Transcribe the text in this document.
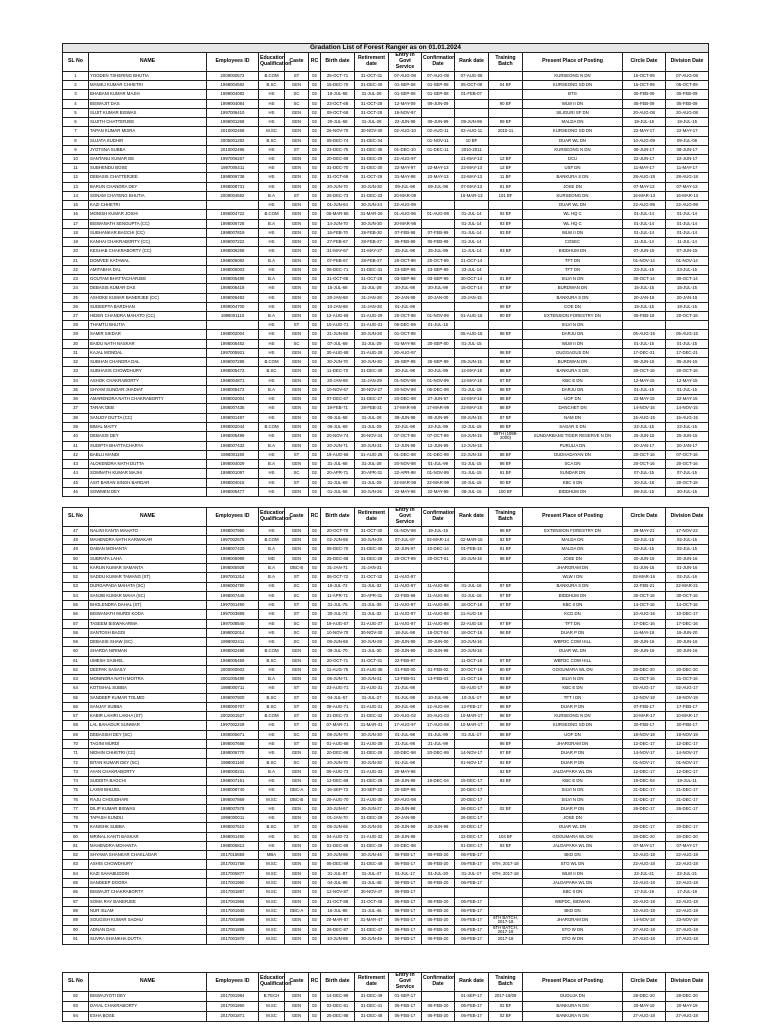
Gradation List of Forest Ranger as on 01.01.2024														
SL No	NAME	Employees ID	Education Qualification	Caste	RC	Birth date	Retirement date	Entry in Govt Service	Confirmation Date	Rank date	Training Batch	Present Place of Posting	Circle Date	Division Date
1	YOGDEN TSHERING BHUTIA	2009000572	B.COM	ST	02	25-OCT-71	31-OCT-31	07-AUG-08	07-AUG-08	07-AUG-08		KURSEONG N DN	16-OCT-09	07-AUG-08
2	MANIKJ KUMAR CHHETRI	1998004592	B.SC	GEN	02	15-DEC-70	31-DEC-30	01-SEP-08	01-SEP-08	05-OCT-09	04 BF	KURSEONG SD DN	16-OCT-09	05-OCT-09
3	BHABANI KUMAR MAJHI	1999004082	HS	SC	02	19-JUL-68	31-JUL-28	01-SEP-08	01-SEP-08	01-FEB-07		BTG	05-FEB-09	05-FEB-09
4	BISWAJIT DAS	1999004084	HS	SC	02	23-OCT-68	31-OCT-28	12-MAY-09	09-JUN-09		90 BF	WLW II DN	05-FEB-09	05-FEB-09
5	SUJIT KUMAR BISWAS	1997006410	HS	GEN	02	09-OCT-68	31-OCT-28	19-NOV-97				SILIGURI SF DN	20-AUG-08	20-AUG-08
6	SUJITH CHATTERJEE	1998001268	HS	GEN	02	20-JUL-68	31-JUL-28	22-JUN-98	09-JUN-99	09-JUN-99	99 BF	MALDA DN	19-JUL-15	19-JUL-15
7	TAPAN KUMAR MISRA	2010002468	M.SC	GEN	02	26-NOV-70	30-NOV-30	02-AUG-10	02-AUG-11	02-AUG-11	2010-11	KURSEONG SD DN	22-MAY-17	22-MAY-17
8	SUJATA SUDHIR	2005001282	B.SC	GEN	02	09-DEC-74	31-DEC-34		01-NOV-11	10 BF		DUAR WL DN	10-AUG-09	09-JUL-09
9	JYOTSNA SUBBA	2010002496	HS	ST	02	23-DEC-75	31-DEC-35	01-DEC-10	01-DEC-11	2010-2011		KURSEONG N DN	08-JUN-17	08-JUN-17
10	SANTANU KUMAR DE	1997006267	HS	GEN	02	20-DEC-69	31-DEC-29	22-AUG-97		21-MAY-13	12 BF	DCU	22-JUN-17	22-JUN-17
11	SUBHENDU BOSE	1997006411	HS	GEN	02	31-DEC-70	31-DEC-30	22-MAY-97	22-MAY-13	22-MAY-13	12 BF	USF DN	11-MAY-17	11-MAY-17
12	DEBASIS CHATTERJEE	1998006738	HS	GEN	02	31-OCT-69	31-OCT-29	31-MAY-98	22-MAY-13	22-MAY-13	11 BF	BANKURA S DN	28-AUG-18	28-AUG-18
13	BARUN CHANDRA DEY	1998008731	HS	GEN	02	20-JUN-70	30-JUN-30	09-JUL-98	09-JUL-98	07-MAY-13	91 BF	JOSE DN	07-MAY-13	07-MAY-13
14	SONAM CHATENG BHUTIA	2009004592	B.A	ST	02	26-DEC-73	31-DEC-33	20-MAR-09		16-MAR-13	101 BF	KURSEONG DN	16-MAR-13	16-MAR-13
15	KAZI CHHETRI		HS	GEN	02	01-JUN-64	30-JUN-24	22-AUG-99				DUAR WL DN	22-AUG-99	22-AUG-99
16	MONISH KUMAR JOSHI	1996004722	B.COM	GEN	02	06-MAR-66	31-MAR-26	01-AUG-96	01-AUG-99	01-JUL-14	92 BF	WL HQ C	01-JUL-14	01-JUL-14
17	BISWANATH SENGUPTA (CC)	1998006728	B.A	GEN	02	14-JUN-70	30-JUN-30	20-MAR-98		01-JUL-14	93 BF	WL HQ C	01-JUL-14	01-JUL-14
18	SUBHANKAR BAGCHI (CC)	1998007819	HS	GEN	02	15-FEB-70	28-FEB-30	07-FEB-98	07-FEB-99	01-JUL-14	93 BF	WLW II DN	01-JUL-14	01-JUL-14
19	KANHAI CHAKRABORTY (CC)	1998007222	HS	GEN	02	27-FEB-67	28-FEB-27	05-FEB-98	05-FEB-99	01-JUL-14		COSEC	11-JUL-14	11-JUL-14
20	KESHAB CHAKRABORTY (CC)	1998006258	HS	GEN	02	31-MAY-67	31-MAY-27	25-JUL-98	25-JUL-99	11-JUL-14	93 BF	BIDDHUM DN	07-JUN-15	07-JUN-15
21	DOMVEE KATAWAL	1998005092	B.A	GEN	02	07-FEB-67	28-FEB-27	20-OCT-98	20-OCT-99	21-OCT-14		TFT DN	01-NOV-14	01-NOV-14
22	AMITABHA DAL	1998005003	HS	GEN	02	06-DEC-71	31-DEC-31	23-SEP-98	23-SEP-99	23-JUL-14		TFT DN	23-JUL-15	23-JUL-15
23	GOUTAM BHATTACHARJEE	1998005499	B.A	GEN	02	31-OCT-68	31-OCT-28	03-SEP-98	03-SEP-99	30-OCT-14	81 BF	SILVI N DN	30-OCT-14	30-OCT-14
24	DEBASIS KUMAR DAS	1998006419	HS	GEN	02	15-JUL-68	31-JUL-28	20-JUL-98	20-JUL-99	15-OCT-14	87 BF	BURDWAN DN	15-JUL-15	15-JUL-15
25	ASHOKE KUMAR BANERJEE (CC)	1998006482	HS	GEN	02	20-JAN-68	31-JAN-28	20-JAN-99	20-JAN-00	20-JAN-15		BANKURA S DN	20-JAN-15	20-JAN-15
26	SUDEEPTA BARDHAN	1999004700	HS	GEN	02	10-JAN-68	31-JAN-28	01-JUL-99			99 BF	COE DN	19-JUL-15	19-JUL-15
27	HIDEN CHANDRA MAHATO (CC)	1998001110	B.A	GEN	02	12-AUG-69	31-AUG-29	20-OCT-98	01-NOV-99	01-AUG-15	90 BF	EXTENSION FORESTRY DN	05-FEB-18	20-OCT-18
28	THAMTU BHUTIA		HS	ST	02	10-AUG-71	31-AUG-31	06-DEC-99	01-JUL-15			SILVI N DN		
29	SAMIR SIKDAR	1998002004	HS	GEN	02	21-JUN-68	30-JUN-28	01-OCT-98		05-AUG-15	88 BF	DARJU DN	05-AUG-15	05-AUG-15
30	BAIDU NATH NASKAR	1998006452	HS	SC	02	07-JUL-69	31-JUL-29	01-MAY-98	20-SEP-00	01-JUL-15		WLW II DN	01-JUL-15	01-JUL-15
31	KAJAL MONDAL	1997005921	HS	GEN	02	30-AUG-68	31-AUG-28	20-AUG-97			98 BF	DUGGAGUS DN	17-DEC-21	17-DEC-21
32	SUBHAN CHANDRA DAL	1998007288	B.COM	GEN	02	30-JUN-70	30-JUN-30	25-SEP-98	25-SEP-99	05-JUN-15	88 BF	BURDWAN DN	05-JUN-15	05-JUN-15
33	SUBHASIS CHOWDHURY	1998005472	B.SC	GEN	02	11-DEC-70	31-DEC-30	20-JUL-98	20-JUL-99	12-MAY-15	88 BF	BANKURA S DN	20-OCT-16	20-OCT-16
34	ASHOK CHAKRABORTY	1998004871	HS	GEN	02	20-JAN-69	31-JAN-29	01-NOV-98	01-NOV-99	12-MAY-15	87 BF	KBC E DN	12-MAY-15	12-MAY-15
35	SHYAM SUNDAR JHADIAT	1998005472	B.A	GEN	02	10-NOV-67	30-NOV-27	20-NOV-98	06-DEC-99	01-JUL-15	88 BF	DARJU DN	01-JUL-15	01-JUL-15
36	AMARENDRA NATH CHAKRABORTY	1998002004	HS	GEN	02	07-DEC-67	31-DEC-27	20-DEC-98	27-JUN-97	22-MAY-15	88 BF	UOF DN	22-MAY-15	22-MAY-15
37	TARAK DEB	1998007435	HS	GEN	02	19-FEB-71	28-FEB-31	17-MAR-98	17-MAR-99	22-MAY-15	88 BF	DANCHET DN	14-NOV-15	14-NOV-15
38	SANJOY DUTTA (CC)	1998001497	HS	GEN	02	05-JUL-68	31-JUL-28	08-JUN-98	08-JUN-99	08-JUN-15	87 BF	NAM DN	15-AUG-15	15-AUG-15
39	BIMAL MAITY	1998002044	B.COM	GEN	02	06-JUL-69	31-JUL-29	22-JUL-98	22-JUL-99	22-JUL-15	89 BF	SAGAR S DN	22-JUL-15	22-JUL-15
40	DEBASIS DEY	1998005499	HS	GEN	02	20-NOV-74	30-NOV-34	07-OCT-98	07-OCT-99	04-JUN-15	89TH (1998-2000)	SUNDARBANS TIGER RESERVE N DN	25-JUN-15	25-JUN-15
41	SUDIPTA BHATTACHARYA	1998007432	B.A	GEN	02	20-JUN-71	30-JUN-31	12-JUN-98	12-JUN-99	12-JUN-15		PURULIA DN	20-JAN-17	20-JAN-17
42	BABLU MANDI	1998001190	HS	ST	02	19-AUG-66	31-AUG-26	01-DEC-98	01-DEC-99	22-JUN-15	88 BF	DUDHADAYAN DN	20-OCT-16	07-OCT-16
43	ALOKENDRA NATH DUTTA	1998004029	B.A	GEN	02	31-JUL-68	31-JUL-28	20-NOV-98	01-JUL-99	01-JUL-15	88 BF	SCA DN	20-OCT-16	20-OCT-16
44	SOMNATH KUMAR MAJHI	1998001087	HS	SC	02	20-APR-71	30-APR-31	22-APR-98	01-NOV-99	01-JUL-15	91 BF	SUNDAR DN	07-JUL-15	07-JUL-15
45	ASIT BARAN SINGH BARDAR	1998004015	HS	ST	02	31-JUL-69	31-JUL-29	22-MAR-98	22-MAR-99	20-JUL-15	90 BF	KBC II DN	20-JUL-18	20-OCT-18
46	SOWMEN DEY	1998005477	HS	GEN	02	01-JUL-66	30-JUN-26	22-MAY-98	22-MAY-99	08-JUL-15	100 BF	BIDDHUM DN	08-JUL-15	20-JUL-15
SL No	NAME	Employees ID	Education Qualification	Caste	RC	Birth date	Retirement date	Entry in Govt Service	Confirmation Date	Rank date	Training Batch	Present Place of Posting	Circle Date	Division Date
47	NALINI KANTA MAHATO	1998007950	HS	GEN	02	20-OCT-70	31-OCT-30	01-NOV-98	19-JUL-15		98 BF	EXTENSION FORESTRY DN	29-MAY-21	17-NOV-22
48	MAHENDRA NATH KARMAKAR	1997002575	B.COM	GEN	02	02-JUN-69	30-JUN-29	07-JUL-97	02-MAR-14	02-MAR-15	92 BF	MALDA DN	02-JUL-15	02-JUL-15
49	DABAN MOHANTA	1998007420	B.A	GEN	02	08-DEC-70	31-DEC-30	22-JUN-97	10-DEC-14	01-FEB-15	91 BF	MALDA DN	02-JUL-15	02-JUL-15
50	SUBRATA LAHA	1999005999	MD	GEN	02	25-DEC-68	31-DEC-28	20-OCT-99	20-OCT-01	20-JUN-16	98 BF	JOSE DN	20-JUN-16	20-JUN-16
51	KARUN KUMAR SAMANTA	1998005928	B.A	OBC-B	02	31-JAN-71	31-JAN-31					JHARGRAM DN	01-JUN-16	01-JUN-16
52	SADDU KUMAR TAMANG (ST)	1997001314	B.A	ST	02	06-OCT-72	31-OCT-32	11-AUG-97				WLW I DN	02-MAR-16	02-JUL-16
53	DURGAPADA MAHATA (SC)	1996004780	HS	SC	02	16-JUL-72	31-JUL-32	11-AUG-97	11-AUG-98	01-JUL-16	97 BF	BANKURA S DN	22-FEB-21	22-MAR-21
54	SANJIB KUMAR MAHA (SC)	1998007445	HS	SC	02	11-APR-71	30-APR-31	22-FEB-98	11-AUG-98	01-JUL-16	97 BF	BIDDHUM DN	30-OCT-16	30-OCT-16
55	BHOLENDRA DAHAL (ST)	1997001490	HS	ST	02	31-JUL-75	31-JUL-35	11-AUG-97	11-AUG-98	18-OCT-16	97 BF	KBC II DN	14-OCT-16	14-OCT-16
56	BISWANATH MURDI KODA	1997003889	HS	ST	02	30-JUL-72	31-JUL-32	11-AUG-97	11-AUG-98	11-AUG-16		KCD DN	10-AUG-16	10-DEC-17
57	TASEEM BISWAKARMA	1997008540	HS	SC	02	19-AUG-67	31-AUG-27	11-AUG-97	11-AUG-98	22-AUG-16	97 BF	TFT DN	17-DEC-16	17-DEC-16
58	SANTOSH BAGDI	1998002014	HS	SC	02	10-NOV-70	30-NOV-30	18-JUL-98	18-OCT-04	18-OCT-16	98 BF	DUAR P DN	11-MAY-18	19-JUN-20
59	DEBASIS SHAW (SC)	1998002411	HS	SC	02	08-JUN-68	30-JUN-28	20-JUN-99	20-JUN-00	20-JUN-16		WBFDC COW HILL	20-JUN-16	20-JUN-16
60	SHARDA NIRIMAN	1998002498	B.COM	GEN	02	09-JUL-70	31-JUL-30	20-JUN-99	20-JUN-99	20-JUN-16		DUAR WL DN	20-JUN-16	20-JUN-16
61	UMESH SASHEL	1998005459	B.SC	GEN	02	20-OCT-71	31-OCT-31	22-FEB-97		11-OCT-16	97 BF	WBFDC COW HILL		
62	DEEPAK SASAILY	2000000602	HS	GEN	02	11-AUG-75	31-AUG-35	01-FEB-00	01-FEB-02	20-OCT-16	90 BF	GOGUMARA WL DN	20-DEC-20	20-DEC-20
63	MONINDRA NATH MOITRA	2001005499	B.A	GEN	02	06-JUN-71	30-JUN-31	13-FEB-01	13-FEB-03	21-OCT-16	93 BF	SILVI N DN	21-OCT-16	21-OCT-16
64	KOTISHAL SUBBA	1998000711	HS	ST	02	23-AUG-71	31-AUG-31	21-JUL-98		02-AUG-17	98 BF	KBC E DN	02-AUG-17	02-AUG-17
65	SANDEEP KUMAR TOLMID	1998007800	B.SC	ST	02	04-JUL-67	31-JUL-27	01-JUL-98	10-JUL-98	10-JUL-17	98 BF	TFT I DN	12-NOV-19	18-NOV-19
66	SANJAY SUBBA	1998000707	B.SC	ST	02	08-AUG-71	31-AUG-31	20-JUL-98	12-AUG-98	12-FEB-17	98 BF	DUAR P DN	07-FEB-17	17-FEB-17
67	KABIR LAHIRI LAKHA (ST)	2002001527	B.COM	ST	02	21-DEC-72	31-DEC-32	20-AUG-02	20-AUG-03	10-MAR-17	98 BF	KURSEONG N DN	10-MAR-17	10-MAR-17
68	LAL BAHADUR SUNWAR	1997002228	HS	ST	02	07-MAR-71	31-MAR-31	17-AUG-97	17-AUG-98	10-MAR-17	98 BF	KURSEONG SD DN	20-FEB-17	20-FEB-17
69	DEBASISH DEY (SC)	1998005671	HS	SC	02	09-JUN-70	30-JUN-30	01-JUL-98	01-JUL-99	01-JUL-17	98 BF	UOF DN	18-NOV-19	18-NOV-19
70	TAGINI MURDI	1998007658	HS	ST	02	01-AUG-68	31-AUG-28	21-JUL-98	21-JUL-99		98 BF	JHARGRAM DN	12-DEC-17	12-DEC-17
71	NIDHIN CHHETRI (CC)	1998006770	HS	GEN	02	20-DEC-69	31-DEC-29	20-DEC-98	20-DEC-99	14-NOV-17	97 BF	DUAR P DN	14-NOV-17	14-NOV-17
72	BITAN KUMAR DEY (SC)	1998001160	B.SC	SC	02	20-JUN-70	30-JUN-30	01-JUL-98		01-NOV-17	92 BF	DUAR P DN	01-NOV-17	01-NOV-17
73	AYAN CHAKRABORTY	1998000231	B.A	GEN	02	06-AUG-73	31-AUG-33	20-MAY-98			92 BF	JALDAPARA WL DN	12-DEC-17	12-DEC-17
74	SUDDITA BAGCHI	1998007151	HS	GEN	02	12-DEC-69	31-DEC-29	20-JUN-98	19-DEC-04	19-DEC-17	93 BF	KBC E DN	19-DEC-04	19-JUL-11
75	LAXMI BHUJEL	1998008740	HS	OBC-A	02	16-SEP-73	30-SEP-33	20-SEP-98		20-DEC-17		SILVI N DN	21-DEC-17	21-DEC-17
76	RAJU CHOUDHARI	1998007869	M.SC	OBC-B	02	20-AUG-70	31-AUG-30	20-AUG-98		20-DEC-17		SILVI N DN	21-DEC-17	21-DEC-17
77	DILIP KUMAR BISWAS	1998007578	HS	GEN	02	20-JUN-67	30-JUN-27	20-JUN-98		26-DEC-17	02 BF	DUAR P DN	26-DEC-17	26-DEC-17
78	TAPASH KUNDU	1999000011	HS	GEN	02	01-JAN-70	31-DEC-29	20-JAN-99		26-DEC-17		JOSE DN		
79	KANISHK SUBBA	1998007510	B.SC	ST	02	05-JUN-66	30-JUN-26	20-JUN-98	20-JUN-99	20-DEC-17		DUAR WL DN	20-DEC-17	20-DEC-17
80	MRINAL KANTI BASKAR	1998001450	HS	SC	02	04-AUG-72	31-AUG-32	20-JUN-98		22-DEC-17	104 BF	GOGUMARA WL DN	20-DEC-20	20-DEC-20
81	MAHENDRA MOHANTA	1998005812	HS	GEN	02	01-DEC-69	31-DEC-29	20-DEC-98		01-DEC-17	93 BF	JALDAPARA WL DN	07-MAY-17	07-MAY-17
82	SHYAMA SHANKAR CHAKLADAR	2017015859	MBA	GEN	02	20-JUN-86	30-JUN-46	06-FEB-17	06-FEB-20	06-FEB-17		BKD DN	22-AUG-18	22-AUG-18
83	ASHIS CHOWDHURY	2017001759	M.SC	GEN	02	06-DEC-89	31-DEC-49	06-FEB-17	06-FEB-20	06-FEB-17	6TH, 2017-18	STO WL DN	22-AUG-18	22-AUG-18
84	KAZI SAHABUDDIN	2017005877	M.SC	GEN	02	31-JUL-87	31-JUL-47	01-JUL-17	01-JUL-20	01-JUL-17	6TH, 2017-18	WLW II DN	22-JUL-21	22-JUL-21
85	SANDEEP DOGRA	2017001950	M.SC	GEN	02	04-JUL-88	31-JUL-48	06-FEB-17	06-FEB-20	06-FEB-17		JALDAPARA WL DN	22-AUG-18	22-AUG-18
86	BISWAJIT CHAKRABORTY	2017001887	M.SC	GEN	02	12-NOV-87	30-NOV-47	06-FEB-17				KBC II DN	17-JUL-19	17-JUL-19
87	SOMA RAY BANERJEE	2017001956	M.SC	GEN	02	21-OCT-88	31-OCT-48	06-FEB-17	06-FEB-20	06-FEB-17		WBFDC, BIDWAN	22-AUG-18	22-AUG-18
88	NUR ISLAM	2017001940	M.SC	OBC-A	02	16-JUL-86	31-JUL-46	06-FEB-17	06-FEB-20	06-FEB-17		BKD DN	22-AUG-18	22-AUG-18
89	SOUGISH KUMAR SADHU	2017001899	M.SC	GEN	02	20-MAR-87	31-MAR-47	06-FEB-17	06-FEB-20	06-FEB-17	6TH BATCH, 2017-18	JHARGRAM DN	14-NOV-18	23-NOV-18
90	ADNAN DAS	2017001888	M.SC	GEN	02	26-DEC-87	31-DEC-47	06-FEB-17	06-FEB-20	06-FEB-17	6TH BATCH, 2017-18	STO W DN	27-AUG-18	27-AUG-18
91	SUVRA SHANKHA DUTTA	2017001870	M.SC	GEN	02	10-JUN-89	30-JUN-49	06-FEB-17	06-FEB-20	06-FEB-17	2017-18	STO W DN	27-AUG-18	27-AUG-18
SL No	NAME	Employees ID	Education Qualification	Caste	RC	Birth date	Retirement date	Entry in Govt Service	Confirmation Date	Rank date	Training Batch	Present Place of Posting	Circle Date	Division Date
92	BISWAJYOTI DEY	2017001984	B.TECH	GEN	02	14-DEC-89	31-DEC-49	01-SEP-17		01-SEP-17	2017-18/09	DUDUJA DN	28-DEC-20	28-DEC-20
93	DAYAL CHAKRABORTY	2017001860	M.SC	GEN	02	02-DEC-81	31-DEC-41	06-FEB-17	06-FEB-20	06-FEB-17	02 BF	BANKURA N DN	20-MAY-19	20-MAY-19
94	ESHA BOSE	2017001871	M.SC	GEN	02	25-DEC-88	31-DEC-48	06-FEB-17	06-FEB-20	06-FEB-17	02 BF	BANKURA N DN	27-AUG-18	27-AUG-18
